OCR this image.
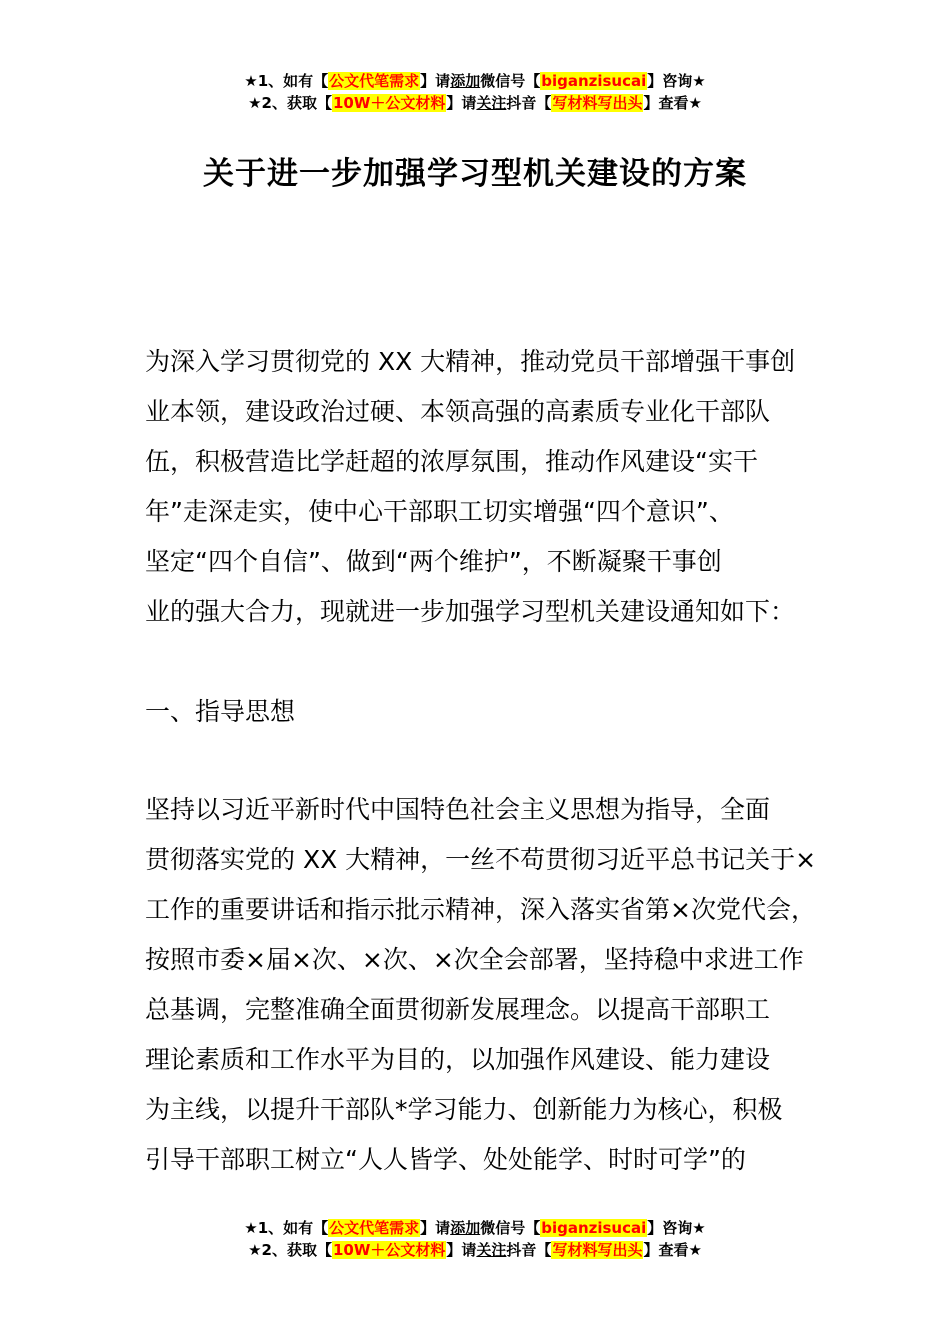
★1、如有【公文代笔需求】请添加微信号【biganzisucai】咨询★
★2、获取【10W＋公文材料】请关注抖音【写材料写出头】查看★
关于进一步加强学习型机关建设的方案
为深入学习贯彻党的 XX 大精神，推动党员干部增强干事创
业本领，建设政治过硬、本领高强的高素质专业化干部队
伍，积极营造比学赶超的浓厚氛围，推动作风建设“实干
年”走深走实，使中心干部职工切实增强“四个意识”、
坚定“四个自信”、做到“两个维护”，不断凝聚干事创
业的强大合力，现就进一步加强学习型机关建设通知如下：
一、指导思想
坚持以习近平新时代中国特色社会主义思想为指导，全面
贯彻落实党的 XX 大精神，一丝不苟贯彻习近平总书记关于×
工作的重要讲话和指示批示精神，深入落实省第×次党代会，
按照市委×届×次、×次、×次全会部署，坚持稳中求进工作
总基调，完整准确全面贯彻新发展理念。以提高干部职工
理论素质和工作水平为目的，以加强作风建设、能力建设
为主线，以提升干部队*学习能力、创新能力为核心，积极
引导干部职工树立“人人皆学、处处能学、时时可学”的
★1、如有【公文代笔需求】请添加微信号【biganzisucai】咨询★
★2、获取【10W＋公文材料】请关注抖音【写材料写出头】查看★
